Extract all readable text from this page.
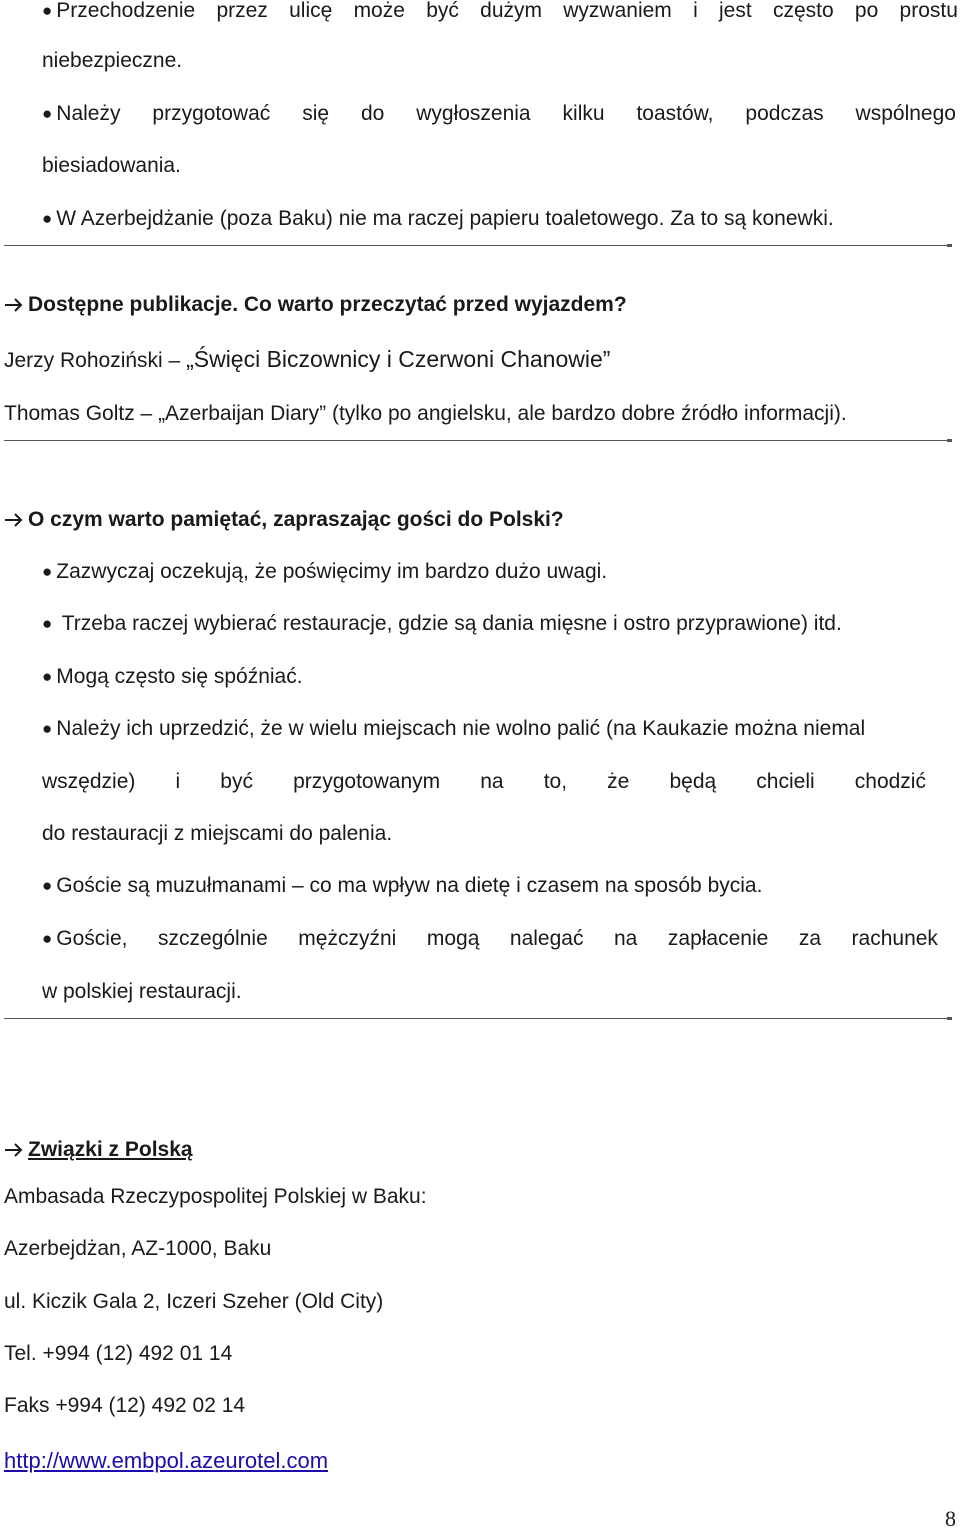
● Przechodzenie przez ulicę może być dużym wyzwaniem i jest często po prostu
niebezpieczne.
● Należy przygotować się do wygłoszenia kilku toastów, podczas wspólnego
biesiadowania.
● W Azerbejdżanie (poza Baku) nie ma raczej papieru toaletowego. Za to są konewki.
Dostępne publikacje. Co warto przeczytać przed wyjazdem?
Jerzy Rohoziński – „Święci Biczownicy i Czerwoni Chanowie”
Thomas Goltz – „Azerbaijan Diary” (tylko po angielsku, ale bardzo dobre źródło informacji).
O czym warto pamiętać, zapraszając gości do Polski?
● Zazwyczaj oczekują, że poświęcimy im bardzo dużo uwagi.
● Trzeba raczej wybierać restauracje, gdzie są dania mięsne i ostro przyprawione) itd.
● Mogą często się spóźniać.
● Należy ich uprzedzić, że w wielu miejscach nie wolno palić (na Kaukazie można niemal
wszędzie) i być przygotowanym na to, że będą chcieli chodzić
do restauracji z miejscami do palenia.
● Goście są muzułmanami – co ma wpływ na dietę i czasem na sposób bycia.
● Goście, szczególnie mężczyźni mogą nalegać na zapłacenie za rachunek
w polskiej restauracji.
Związki z Polską
Ambasada Rzeczypospolitej Polskiej w Baku:
Azerbejdżan, AZ-1000, Baku
ul. Kiczik Gala 2, Iczeri Szeher (Old City)
Tel. +994 (12) 492 01 14
Faks +994 (12) 492 02 14
http://www.embpol.azeurotel.com
8
